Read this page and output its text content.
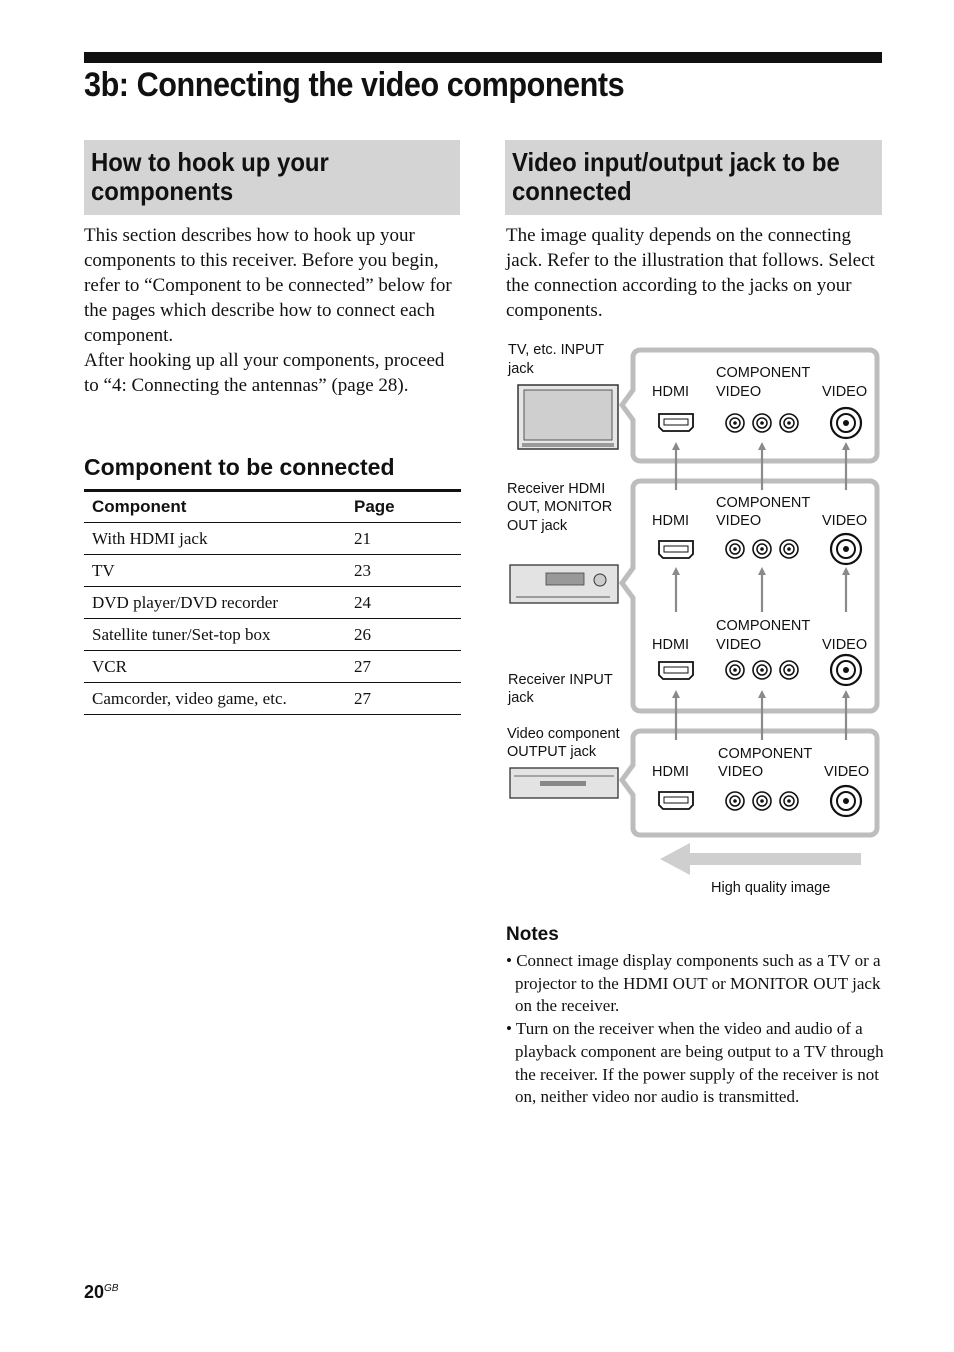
3b: Connecting the video components
How to hook up your components

This section describes how to hook up your components to this receiver. Before you begin, refer to “Component to be connected” below for the pages which describe how to connect each component.

After hooking up all your components, proceed to “4: Connecting the antennas” (page 28).

Component to be connected
Component	Page
With HDMI jack	21
TV	23
DVD player/DVD recorder	24
Satellite tuner/Set-top box	26
VCR	27
Camcorder, video game, etc.	27
Video input/output jack to be connected

The image quality depends on the connecting jack. Refer to the illustration that follows. Select the connection according to the jacks on your components.

TV, etc. INPUT
jack
Receiver HDMI
OUT, MONITOR
OUT jack
Receiver INPUT
jack
Video component
OUTPUT jack
HDMI
COMPONENT
VIDEO	VIDEO
HDMI
COMPONENT
VIDEO	VIDEO
HDMI
COMPONENT
VIDEO	VIDEO
HDMI
COMPONENT
VIDEO	VIDEO
High quality image
Notes
• Connect image display components such as a TV or a projector to the HDMI OUT or MONITOR OUT jack on the receiver.
• Turn on the receiver when the video and audio of a playback component are being output to a TV through the receiver. If the power supply of the receiver is not on, neither video nor audio is transmitted.
$20^{GB}$
